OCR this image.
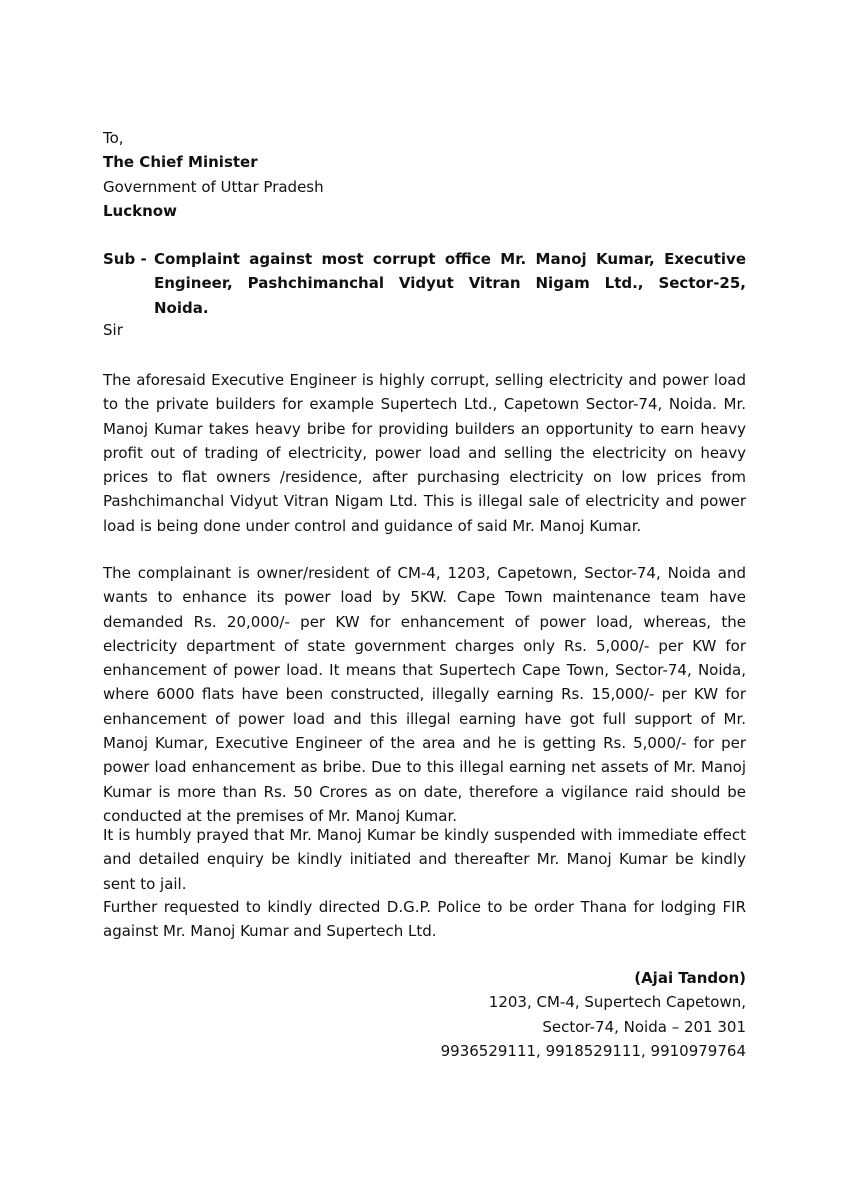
To,
The Chief Minister
Government of Uttar Pradesh
Lucknow
Sub - Complaint against most corrupt office Mr. Manoj Kumar, Executive Engineer, Pashchimanchal Vidyut Vitran Nigam Ltd., Sector-25, Noida.
Sir
The aforesaid Executive Engineer is highly corrupt, selling electricity and power load to the private builders for example Supertech Ltd., Capetown Sector-74, Noida. Mr. Manoj Kumar takes heavy bribe for providing builders an opportunity to earn heavy profit out of trading of electricity, power load and selling the electricity on heavy prices to flat owners /residence, after purchasing electricity on low prices from Pashchimanchal Vidyut Vitran Nigam Ltd. This is illegal sale of electricity and power load is being done under control and guidance of said Mr. Manoj Kumar.
The complainant is owner/resident of CM-4, 1203, Capetown, Sector-74, Noida and wants to enhance its power load by 5KW. Cape Town maintenance team have demanded Rs. 20,000/- per KW for enhancement of power load, whereas, the electricity department of state government charges only Rs. 5,000/- per KW for enhancement of power load. It means that Supertech Cape Town, Sector-74, Noida, where 6000 flats have been constructed, illegally earning Rs. 15,000/- per KW for enhancement of power load and this illegal earning have got full support of Mr. Manoj Kumar, Executive Engineer of the area and he is getting Rs. 5,000/- for per power load enhancement as bribe. Due to this illegal earning net assets of Mr. Manoj Kumar is more than Rs. 50 Crores as on date, therefore a vigilance raid should be conducted at the premises of Mr. Manoj Kumar.
It is humbly prayed that Mr. Manoj Kumar be kindly suspended with immediate effect and detailed enquiry be kindly initiated and thereafter Mr. Manoj Kumar be kindly sent to jail.
Further requested to kindly directed D.G.P. Police to be order Thana for lodging FIR against Mr. Manoj Kumar and Supertech Ltd.
(Ajai Tandon)
1203, CM-4, Supertech Capetown,
Sector-74, Noida – 201 301
9936529111, 9918529111, 9910979764
